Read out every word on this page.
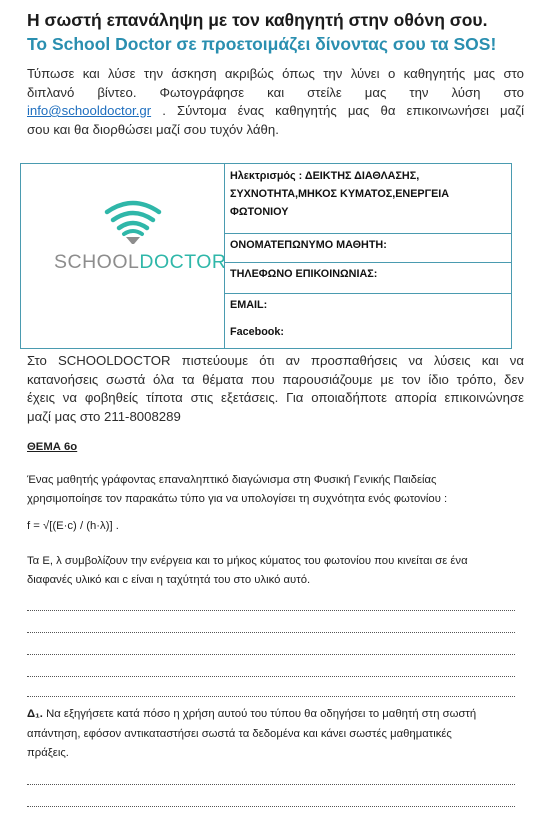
Η σωστή επανάληψη με τον καθηγητή στην οθόνη σου.
Το School Doctor σε προετοιμάζει δίνοντας σου τα SOS!
Τύπωσε και λύσε την άσκηση ακριβώς όπως την λύνει ο καθηγητής μας στο
διπλανό βίντεο. Φωτογράφησε και στείλε μας την λύση στο
info@schooldoctor.gr . Σύντομα ένας καθηγητής μας θα επικοινωνήσει μαζί
σου και θα διορθώσει μαζί σου τυχόν λάθη.
SCHOOLDOCTOR
Ηλεκτρισμός : ΔΕΙΚΤΗΣ ΔΙΑΘΛΑΣΗΣ,
ΣΥΧΝΟΤΗΤΑ,ΜΗΚΟΣ ΚΥΜΑΤΟΣ,ΕΝΕΡΓΕΙΑ
ΦΩΤΟΝΙΟΥ
ΟΝΟΜΑΤΕΠΩΝΥΜΟ ΜΑΘΗΤΗ:
ΤΗΛΕΦΩΝΟ ΕΠΙΚΟΙΝΩΝΙΑΣ:
EMAIL:
Facebook:
Στο SCHOOLDOCTOR πιστεύουμε ότι αν προσπαθήσεις να λύσεις και να
κατανοήσεις σωστά όλα τα θέματα που παρουσιάζουμε με τον ίδιο τρόπο, δεν
έχεις να φοβηθείς τίποτα στις εξετάσεις. Για οποιαδήποτε απορία επικοινώνησε
μαζί μας στο 211-8008289
ΘΕΜΑ 6ο
Ένας μαθητής γράφοντας επαναληπτικό διαγώνισμα στη Φυσική Γενικής Παιδείας
χρησιμοποίησε τον παρακάτω τύπο για να υπολογίσει τη συχνότητα ενός φωτονίου :
f = √[(E·c) / (h·λ)] .
Τα Ε, λ συμβολίζουν την ενέργεια και το μήκος κύματος του φωτονίου που κινείται σε ένα
διαφανές υλικό και c είναι η ταχύτητά του στο υλικό αυτό.
Δ₁. Να εξηγήσετε κατά πόσο η χρήση αυτού του τύπου θα οδηγήσει το μαθητή στη σωστή
απάντηση, εφόσον αντικαταστήσει σωστά τα δεδομένα και κάνει σωστές μαθηματικές
πράξεις.
